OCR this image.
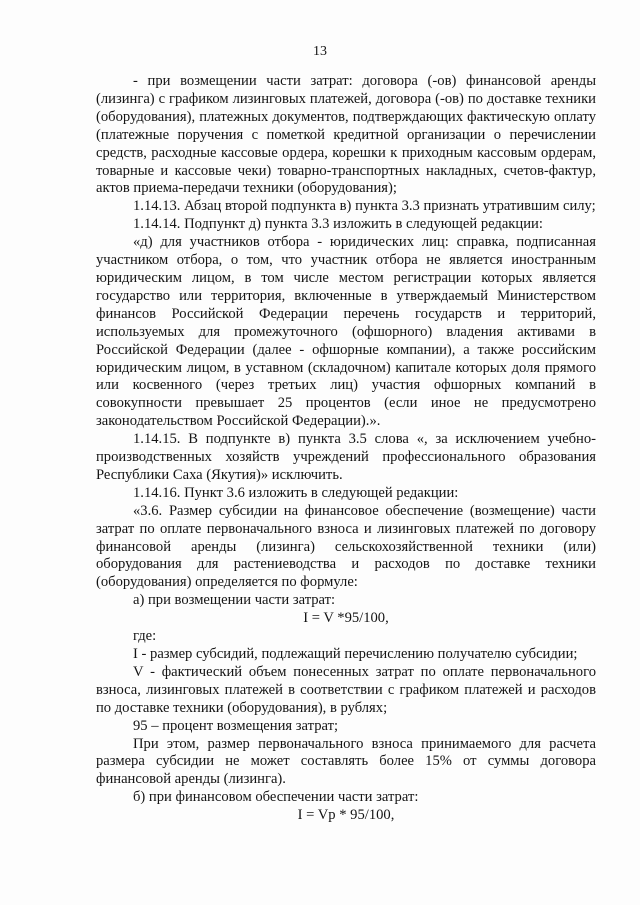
13

- при возмещении части затрат: договора (-ов) финансовой аренды (лизинга) с графиком лизинговых платежей, договора (-ов) по доставке техники (оборудования), платежных документов, подтверждающих фактическую оплату (платежные поручения с пометкой кредитной организации о перечислении средств, расходные кассовые ордера, корешки к приходным кассовым ордерам, товарные и кассовые чеки) товарно-транспортных накладных, счетов-фактур, актов приема-передачи техники (оборудования);

1.14.13. Абзац второй подпункта в) пункта 3.3 признать утратившим силу;

1.14.14. Подпункт д) пункта 3.3 изложить в следующей редакции:

«д) для участников отбора - юридических лиц: справка, подписанная участником отбора, о том, что участник отбора не является иностранным юридическим лицом, в том числе местом регистрации которых является государство или территория, включенные в утверждаемый Министерством финансов Российской Федерации перечень государств и территорий, используемых для промежуточного (офшорного) владения активами в Российской Федерации (далее - офшорные компании), а также российским юридическим лицом, в уставном (складочном) капитале которых доля прямого или косвенного (через третьих лиц) участия офшорных компаний в совокупности превышает 25 процентов (если иное не предусмотрено законодательством Российской Федерации).».

1.14.15. В подпункте в) пункта 3.5 слова «, за исключением учебно-производственных хозяйств учреждений профессионального образования Республики Саха (Якутия)» исключить.

1.14.16. Пункт 3.6 изложить в следующей редакции:

«3.6. Размер субсидии на финансовое обеспечение (возмещение) части затрат по оплате первоначального взноса и лизинговых платежей по договору финансовой аренды (лизинга) сельскохозяйственной техники (или) оборудования для растениеводства и расходов по доставке техники (оборудования) определяется по формуле:

а) при возмещении части затрат:

I = V *95/100,

где:

I - размер субсидий, подлежащий перечислению получателю субсидии;

V - фактический объем понесенных затрат по оплате первоначального взноса, лизинговых платежей в соответствии с графиком платежей и расходов по доставке техники (оборудования), в рублях;

95 – процент возмещения затрат;

При этом, размер первоначального взноса принимаемого для расчета размера субсидии не может составлять более 15% от суммы договора финансовой аренды (лизинга).

б) при финансовом обеспечении части затрат:

I = Vp * 95/100,
